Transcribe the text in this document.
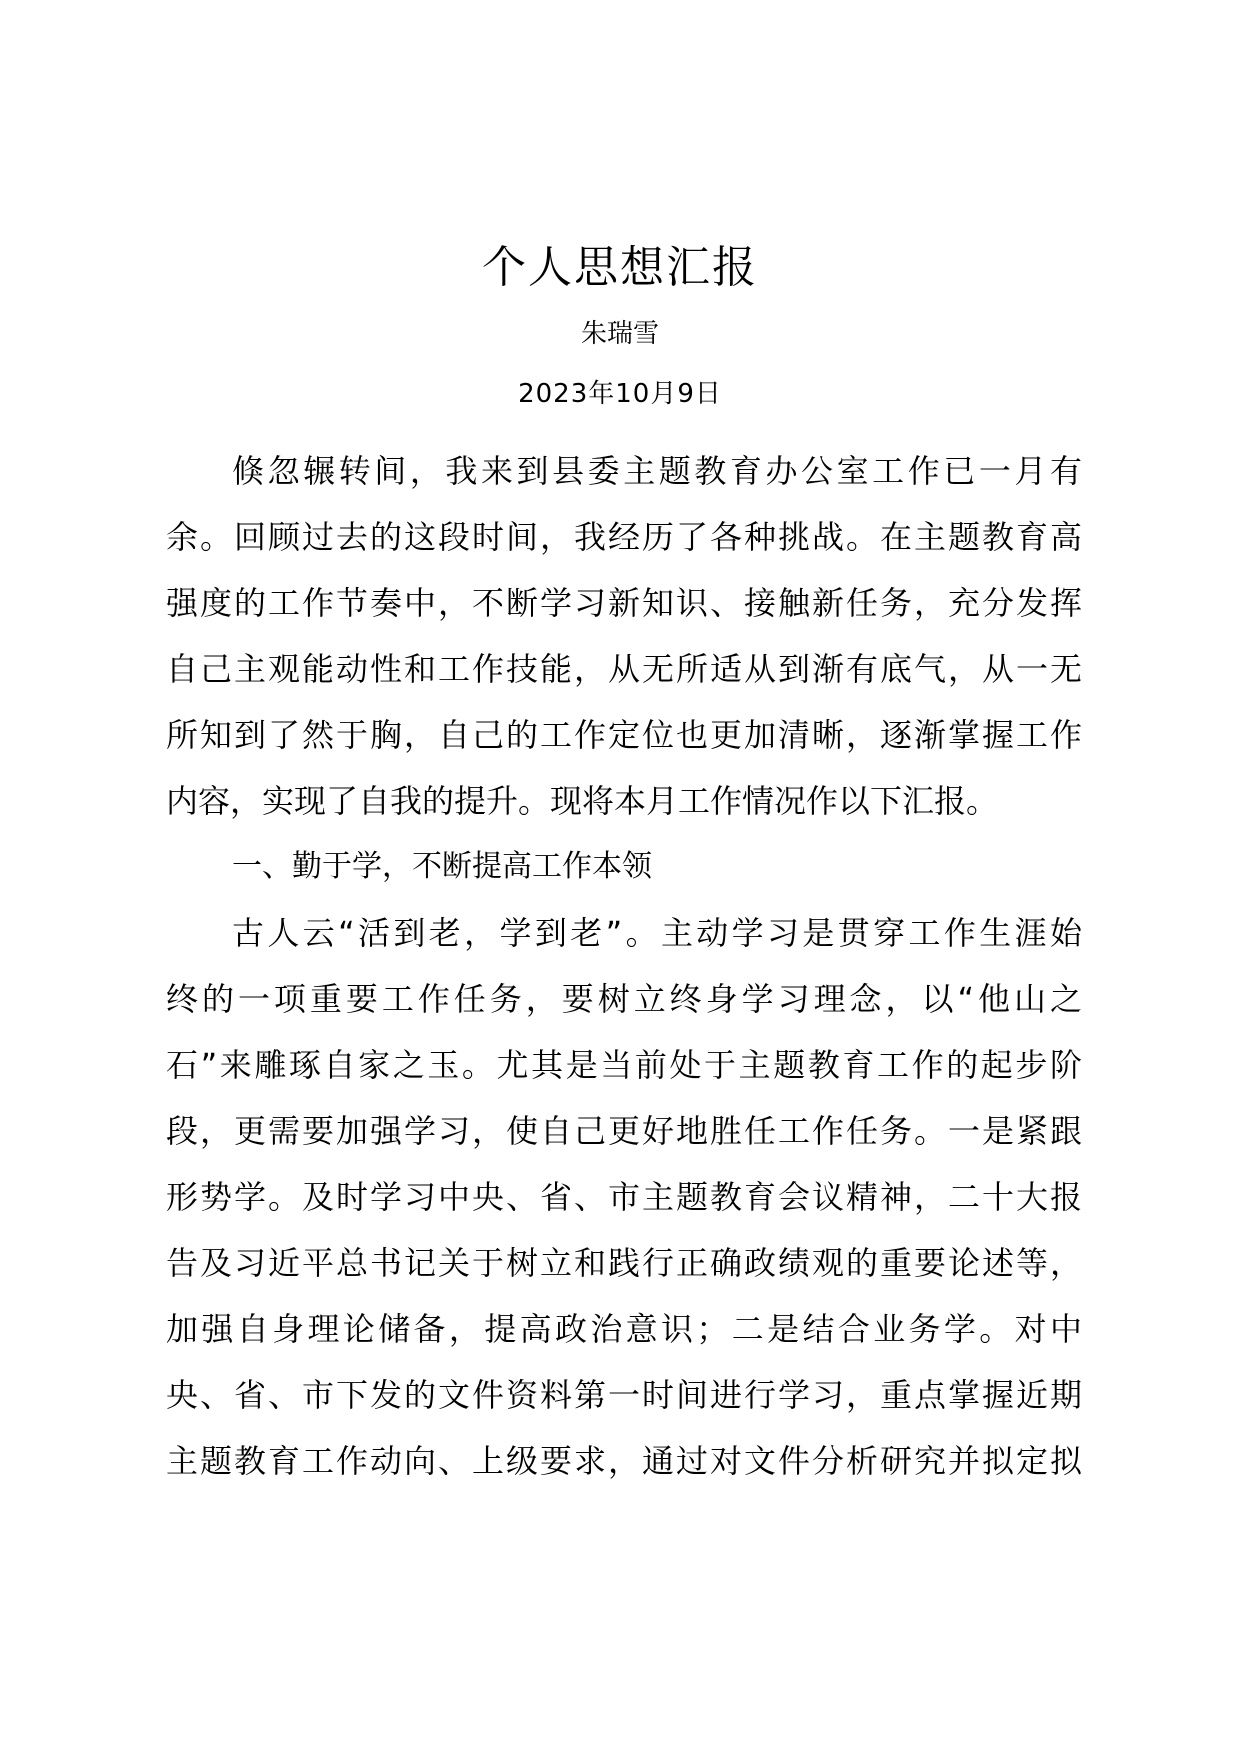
个人思想汇报
朱瑞雪
2023年10月9日
倏忽辗转间，我来到县委主题教育办公室工作已一月有
余。回顾过去的这段时间，我经历了各种挑战。在主题教育高
强度的工作节奏中，不断学习新知识、接触新任务，充分发挥
自己主观能动性和工作技能，从无所适从到渐有底气，从一无
所知到了然于胸，自己的工作定位也更加清晰，逐渐掌握工作
内容，实现了自我的提升。现将本月工作情况作以下汇报。
一、勤于学，不断提高工作本领
古人云“活到老，学到老”。主动学习是贯穿工作生涯始
终的一项重要工作任务，要树立终身学习理念，以“他山之
石”来雕琢自家之玉。尤其是当前处于主题教育工作的起步阶
段，更需要加强学习，使自己更好地胜任工作任务。一是紧跟
形势学。及时学习中央、省、市主题教育会议精神，二十大报
告及习近平总书记关于树立和践行正确政绩观的重要论述等，
加强自身理论储备，提高政治意识；二是结合业务学。对中
央、省、市下发的文件资料第一时间进行学习，重点掌握近期
主题教育工作动向、上级要求，通过对文件分析研究并拟定拟
